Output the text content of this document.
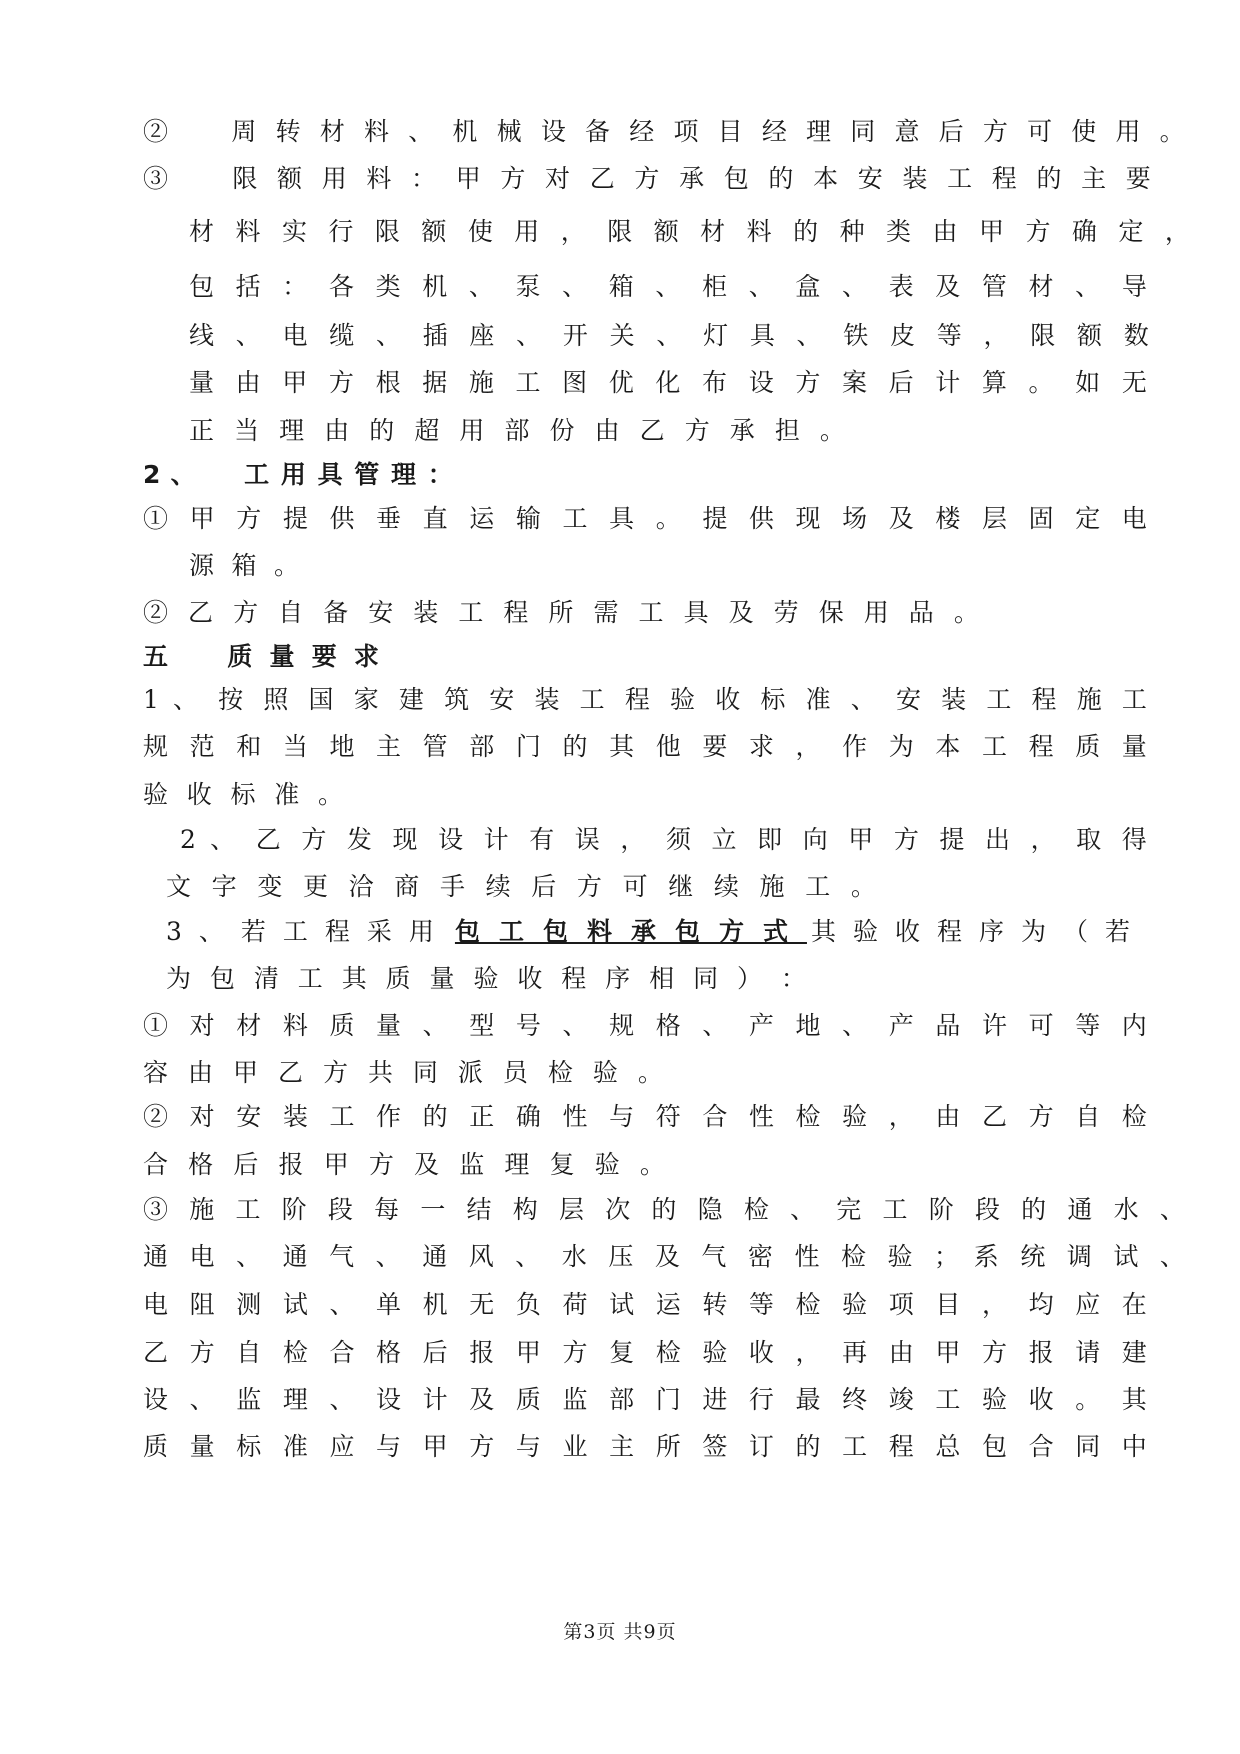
② 　 周 转 材 料 、 机 械 设 备 经 项 目 经 理 同 意 后 方 可 使 用 。
③ 　 限 额 用 料 ： 甲 方 对 乙 方 承 包 的 本 安 装 工 程 的 主 要
材 料 实 行 限 额 使 用 ， 限 额 材 料 的 种 类 由 甲 方 确 定 ，
包 括 ： 各 类 机 、 泵 、 箱 、 柜 、 盒 、 表 及 管 材 、 导
线 、 电 缆 、 插 座 、 开 关 、 灯 具 、 铁 皮 等 ， 限 额 数
量 由 甲 方 根 据 施 工 图 优 化 布 设 方 案 后 计 算 。 如 无
正 当 理 由 的 超 用 部 份 由 乙 方 承 担 。
2 、 　 工 用 具 管 理 ：
① 甲 方 提 供 垂 直 运 输 工 具 。 提 供 现 场 及 楼 层 固 定 电
源 箱 。
② 乙 方 自 备 安 装 工 程 所 需 工 具 及 劳 保 用 品 。
五 　 质 量 要 求
1 、 按 照 国 家 建 筑 安 装 工 程 验 收 标 准 、 安 装 工 程 施 工
规 范 和 当 地 主 管 部 门 的 其 他 要 求 ， 作 为 本 工 程 质 量
验 收 标 准 。
2 、 乙 方 发 现 设 计 有 误 ， 须 立 即 向 甲 方 提 出 ， 取 得
文 字 变 更 洽 商 手 续 后 方 可 继 续 施 工 。
3、若工程采用 包工包料承包方式 其验收程序为（若
为 包 清 工 其 质 量 验 收 程 序 相 同 ） ：
① 对 材 料 质 量 、 型 号 、 规 格 、 产 地 、 产 品 许 可 等 内
容 由 甲 乙 方 共 同 派 员 检 验 。
② 对 安 装 工 作 的 正 确 性 与 符 合 性 检 验 ， 由 乙 方 自 检
合 格 后 报 甲 方 及 监 理 复 验 。
③ 施 工 阶 段 每 一 结 构 层 次 的 隐 检 、 完 工 阶 段 的 通 水 、
通 电 、 通 气 、 通 风 、 水 压 及 气 密 性 检 验 ； 系 统 调 试 、
电 阻 测 试 、 单 机 无 负 荷 试 运 转 等 检 验 项 目 ， 均 应 在
乙 方 自 检 合 格 后 报 甲 方 复 检 验 收 ， 再 由 甲 方 报 请 建
设 、 监 理 、 设 计 及 质 监 部 门 进 行 最 终 竣 工 验 收 。 其
质 量 标 准 应 与 甲 方 与 业 主 所 签 订 的 工 程 总 包 合 同 中
第3页 共9页
